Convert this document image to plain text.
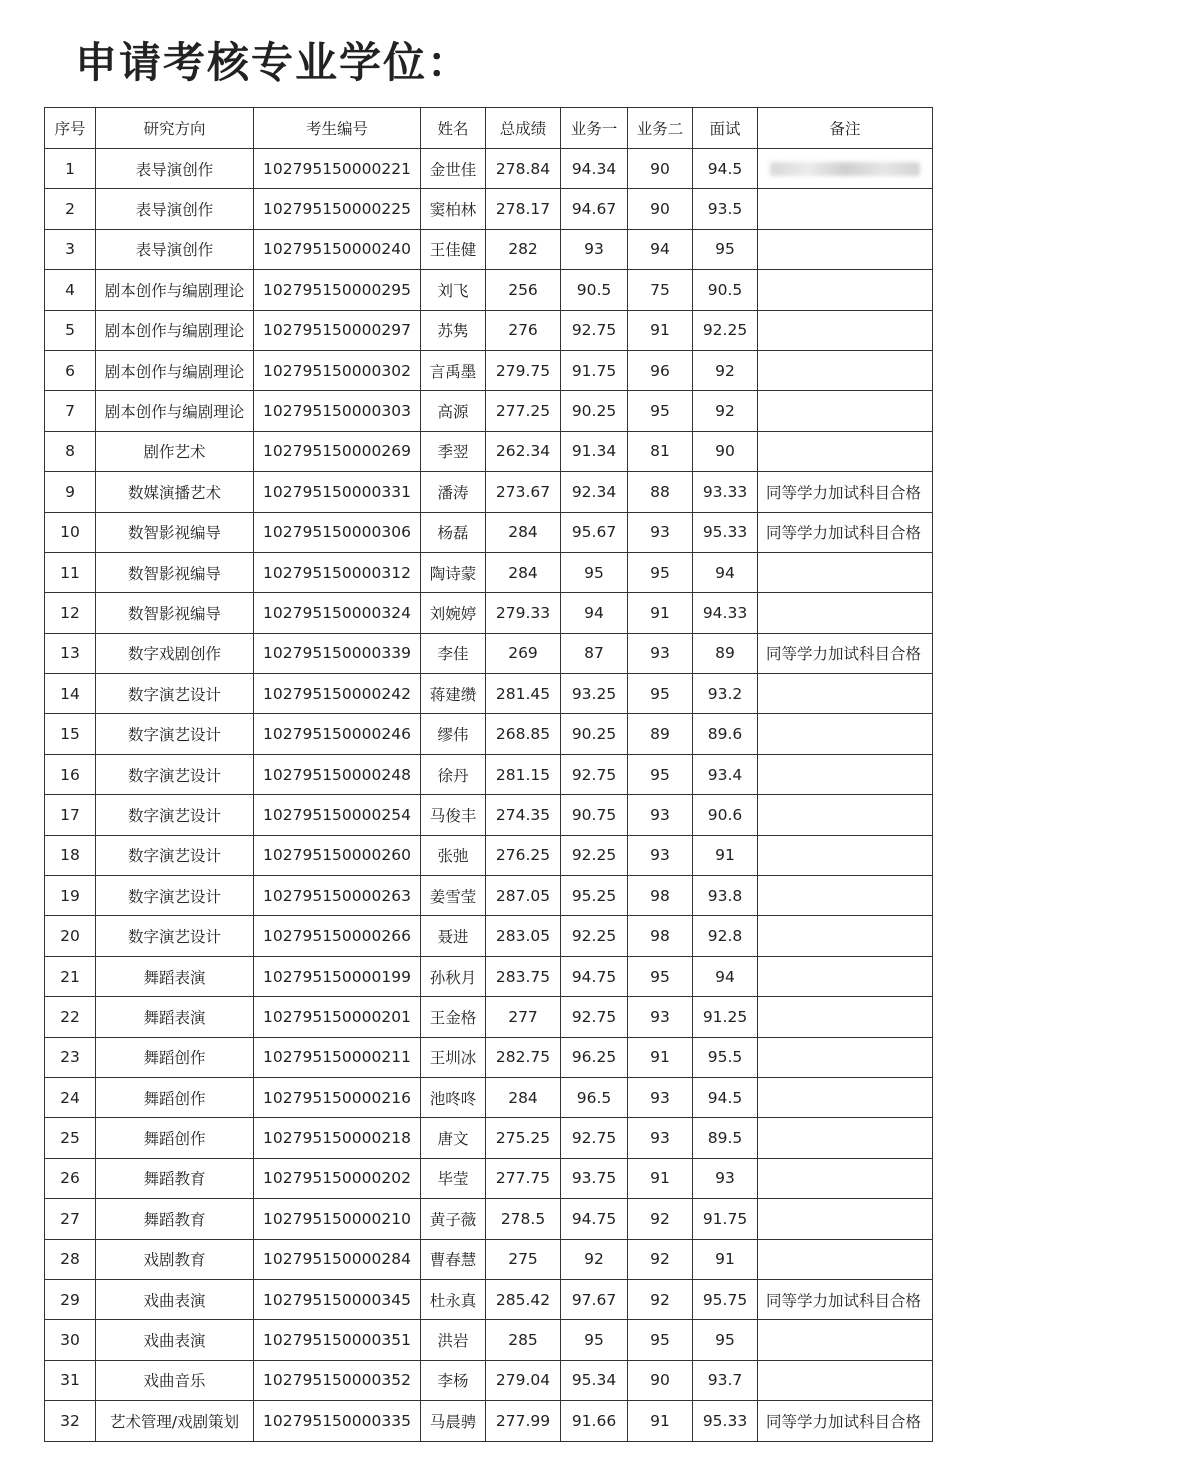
申请考核专业学位：
序号	研究方向	考生编号	姓名	总成绩	业务一	业务二	面试	备注
1	表导演创作	102795150000221	金世佳	278.84	94.34	90	94.5	
2	表导演创作	102795150000225	窦柏林	278.17	94.67	90	93.5	
3	表导演创作	102795150000240	王佳健	282	93	94	95	
4	剧本创作与编剧理论	102795150000295	刘飞	256	90.5	75	90.5	
5	剧本创作与编剧理论	102795150000297	苏隽	276	92.75	91	92.25	
6	剧本创作与编剧理论	102795150000302	言禹墨	279.75	91.75	96	92	
7	剧本创作与编剧理论	102795150000303	高源	277.25	90.25	95	92	
8	剧作艺术	102795150000269	季翌	262.34	91.34	81	90	
9	数媒演播艺术	102795150000331	潘涛	273.67	92.34	88	93.33	同等学力加试科目合格
10	数智影视编导	102795150000306	杨磊	284	95.67	93	95.33	同等学力加试科目合格
11	数智影视编导	102795150000312	陶诗蒙	284	95	95	94	
12	数智影视编导	102795150000324	刘婉婷	279.33	94	91	94.33	
13	数字戏剧创作	102795150000339	李佳	269	87	93	89	同等学力加试科目合格
14	数字演艺设计	102795150000242	蒋建缵	281.45	93.25	95	93.2	
15	数字演艺设计	102795150000246	缪伟	268.85	90.25	89	89.6	
16	数字演艺设计	102795150000248	徐丹	281.15	92.75	95	93.4	
17	数字演艺设计	102795150000254	马俊丰	274.35	90.75	93	90.6	
18	数字演艺设计	102795150000260	张弛	276.25	92.25	93	91	
19	数字演艺设计	102795150000263	姜雪莹	287.05	95.25	98	93.8	
20	数字演艺设计	102795150000266	聂进	283.05	92.25	98	92.8	
21	舞蹈表演	102795150000199	孙秋月	283.75	94.75	95	94	
22	舞蹈表演	102795150000201	王金格	277	92.75	93	91.25	
23	舞蹈创作	102795150000211	王圳冰	282.75	96.25	91	95.5	
24	舞蹈创作	102795150000216	池咚咚	284	96.5	93	94.5	
25	舞蹈创作	102795150000218	唐文	275.25	92.75	93	89.5	
26	舞蹈教育	102795150000202	毕莹	277.75	93.75	91	93	
27	舞蹈教育	102795150000210	黄子薇	278.5	94.75	92	91.75	
28	戏剧教育	102795150000284	曹春慧	275	92	92	91	
29	戏曲表演	102795150000345	杜永真	285.42	97.67	92	95.75	同等学力加试科目合格
30	戏曲表演	102795150000351	洪岩	285	95	95	95	
31	戏曲音乐	102795150000352	李杨	279.04	95.34	90	93.7	
32	艺术管理/戏剧策划	102795150000335	马晨骋	277.99	91.66	91	95.33	同等学力加试科目合格
